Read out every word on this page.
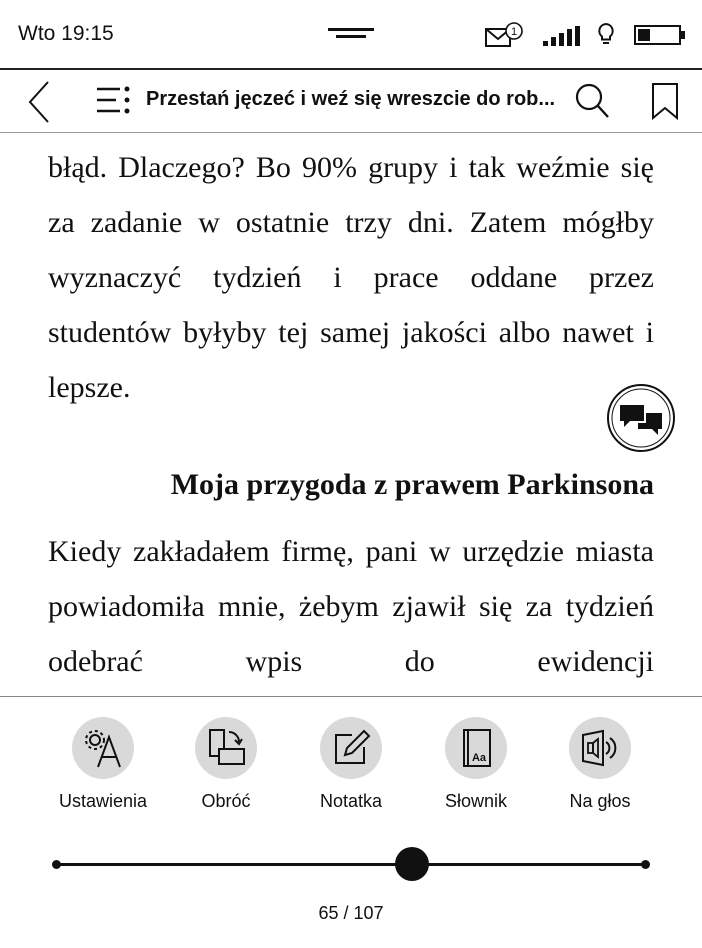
Wto 19:15	1
Przestań jęczeć i weź się wreszcie do rob...

błąd. Dlaczego? Bo 90% grupy i tak weźmie się za zadanie w ostatnie trzy dni. Zatem mógłby wyznaczyć tydzień i prace oddane przez studentów byłyby tej samej jakości albo nawet i lepsze.

Moja przygoda z prawem Parkinsona

Kiedy zakładałem firmę, pani w urzędzie miasta powiadomiła mnie, żebym zjawił się za tydzień odebrać wpis do ewidencji

Ustawienia	Obróć	Notatka
Aa
Słownik	Na głos
65 / 107
